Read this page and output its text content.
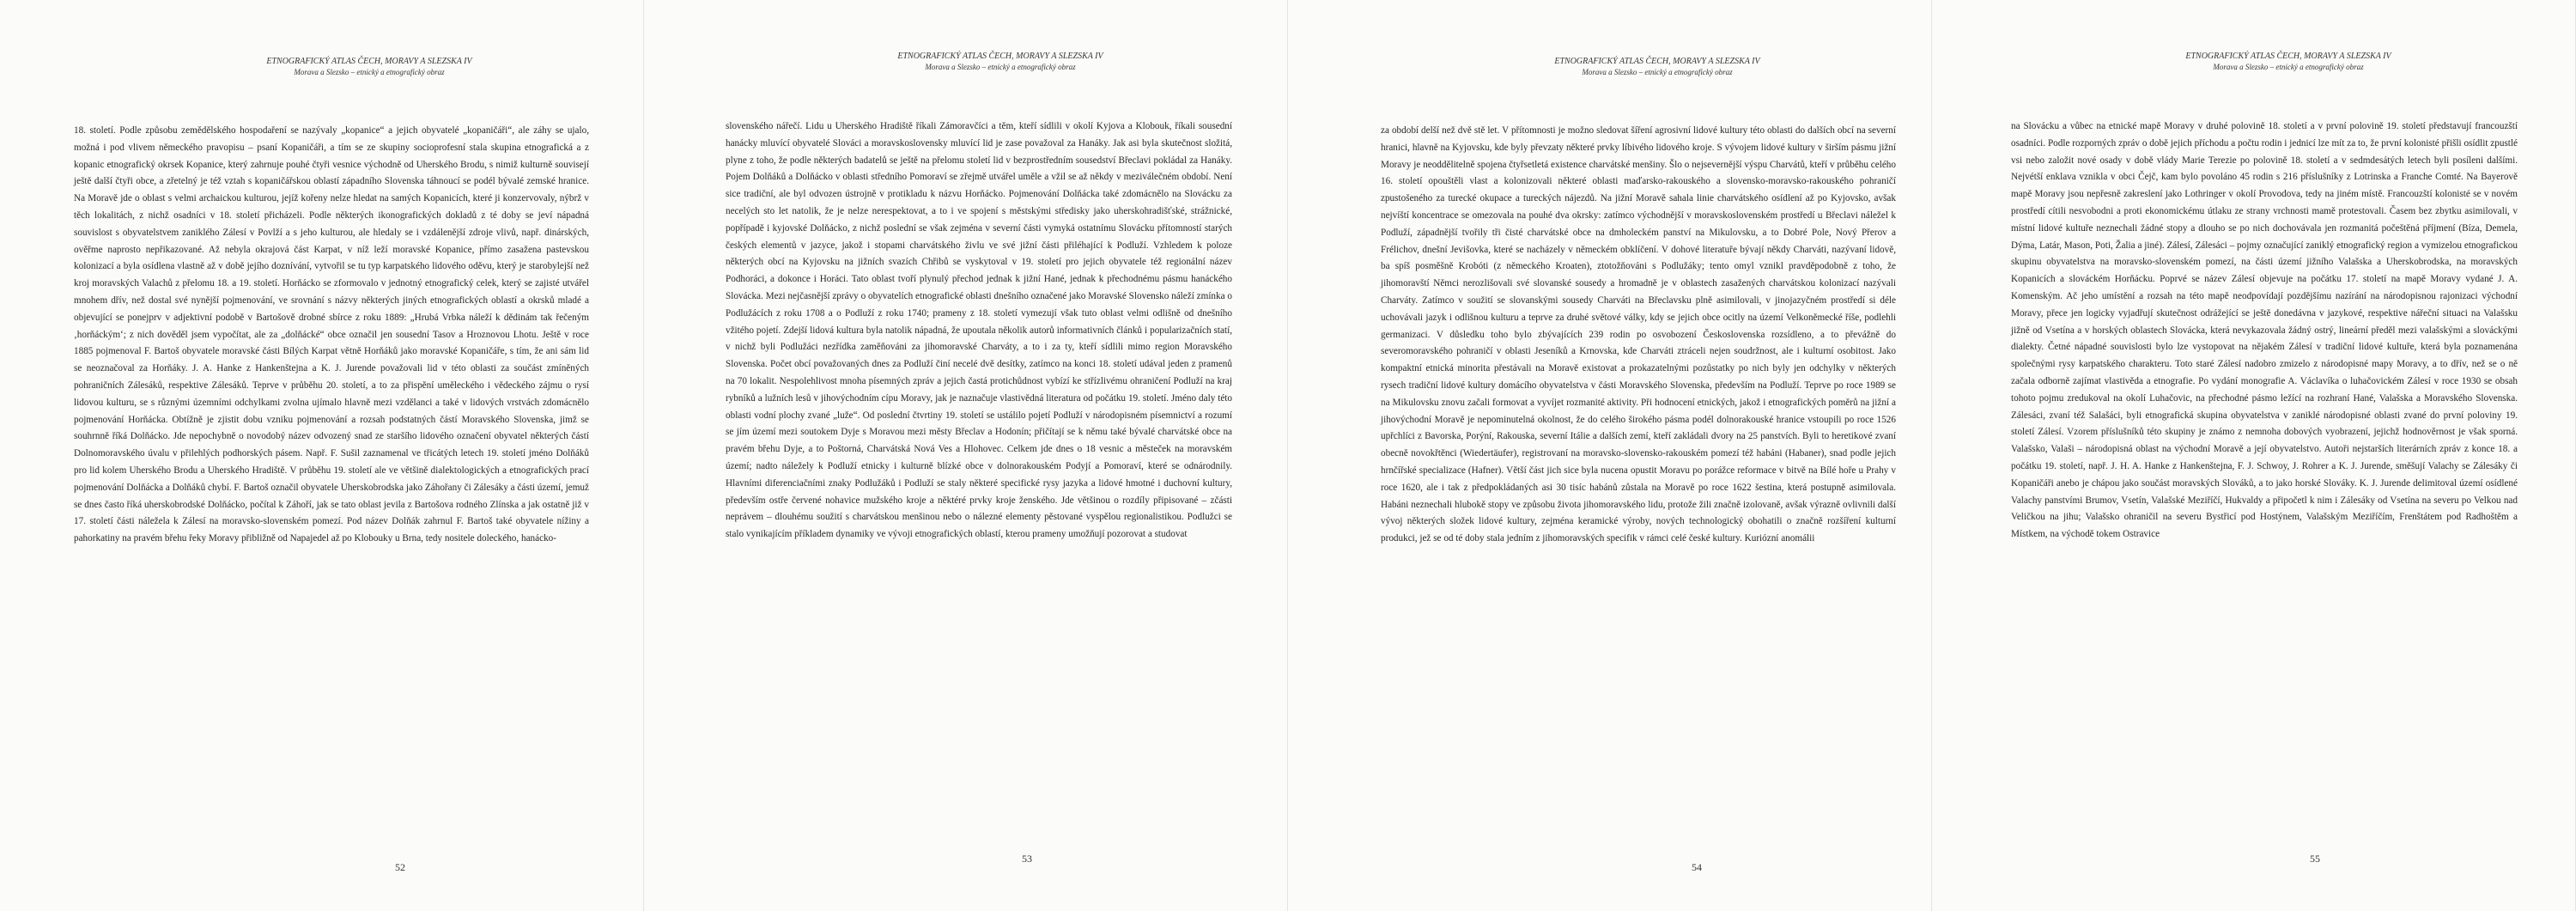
ETNOGRAFICKÝ ATLAS ČECH, MORAVY A SLEZSKA IV
Morava a Slezsko – etnický a etnografický obraz

18. století. Podle způsobu zemědělského hospodaření se nazývaly „kopanice“ a jejich obyvatelé „kopaničáři“, ale záhy se ujalo, možná i pod vlivem německého pravopisu – psaní Kopaničáři, a tím se ze skupiny socioprofesní stala skupina etnografická a z kopanic etnografický okrsek Kopanice, který zahrnuje pouhé čtyři vesnice východně od Uherského Brodu, s nimiž kulturně souvisejí ještě další čtyři obce, a zřetelný je též vztah s kopaničářskou oblastí západního Slovenska táhnoucí se podél bývalé zemské hranice. Na Moravě jde o oblast s velmi archaickou kulturou, jejíž kořeny nelze hledat na samých Kopanicích, které ji konzervovaly, nýbrž v těch lokalitách, z nichž osadníci v 18. století přicházeli. Podle některých ikonografických dokladů z té doby se jeví nápadná souvislost s obyvatelstvem zaniklého Zálesí v Povlží a s jeho kulturou, ale hledaly se i vzdálenější zdroje vlivů, např. dinárských, ověřme naprosto nepřikazované. Až nebyla okrajová část Karpat, v níž leží moravské Kopanice, přímo zasažena pastevskou kolonizací a byla osídlena vlastně až v době jejího doznívání, vytvořil se tu typ karpatského lidového oděvu, který je starobylejší než kroj moravských Valachů z přelomu 18. a 19. století. Horňácko se zformovalo v jednotný etnografický celek, který se zajisté utvářel mnohem dřív, než dostal své nynější pojmenování, ve srovnání s názvy některých jiných etnografických oblastí a okrsků mladé a objevující se ponejprv v adjektivní podobě v Bartošově drobné sbírce z roku 1889: „Hrubá Vrbka náleží k dědinám tak řečeným ‚horňáckým‘; z nich dověděl jsem vypočítat, ale za „dolňácké“ obce označil jen sousední Tasov a Hroznovou Lhotu. Ještě v roce 1885 pojmenoval F. Bartoš obyvatele moravské části Bílých Karpat větně Horňáků jako moravské Kopaničáře, s tím, že ani sám lid se neoznačoval za Horňáky. J. A. Hanke z Hankenštejna a K. J. Jurende považovali lid v této oblasti za součást zmíněných pohraničních Zálesáků, respektive Zálesáků. Teprve v průběhu 20. století, a to za přispění uměleckého i vědeckého zájmu o rysí lidovou kulturu, se s různými územními odchylkami zvolna ujímalo hlavně mezi vzdělanci a také v lidových vrstvách zdomácnělo pojmenování Horňácka. Obtížně je zjistit dobu vzniku pojmenování a rozsah podstatných částí Moravského Slovenska, jimž se souhrnně říká Dolňácko. Jde nepochybně o novodobý název odvozený snad ze staršího lidového označení obyvatel některých částí Dolnomoravského úvalu v přilehlých podhorských pásem. Např. F. Sušil zaznamenal ve třicátých letech 19. století jméno Dolňáků pro lid kolem Uherského Brodu a Uherského Hradiště. V průběhu 19. století ale ve většině dialektologických a etnografických prací pojmenování Dolňácka a Dolňáků chybí. F. Bartoš označil obyvatele Uherskobrodska jako Záhořany či Zálesáky a části území, jemuž se dnes často říká uherskobrodské Dolňácko, počítal k Záhoří, jak se tato oblast jevila z Bartošova rodného Zlínska a jak ostatně již v 17. století části náležela k Zálesí na moravsko-slovenském pomezí. Pod název Dolňák zahrnul F. Bartoš také obyvatele nížiny a pahorkatiny na pravém břehu řeky Moravy přibližně od Napajedel až po Klobouky u Brna, tedy nositele doleckého, hanácko-

52
ETNOGRAFICKÝ ATLAS ČECH, MORAVY A SLEZSKA IV
Morava a Slezsko – etnický a etnografický obraz

slovenského nářečí. Lidu u Uherského Hradiště říkali Zámoravčíci a těm, kteří sídlili v okolí Kyjova a Klobouk, říkali sousední hanácky mluvící obyvatelé Slováci a moravskoslovensky mluvící lid je zase považoval za Hanáky. Jak asi byla skutečnost složitá, plyne z toho, že podle některých badatelů se ještě na přelomu století lid v bezprostředním sousedství Břeclavi pokládal za Hanáky. Pojem Dolňáků a Dolňácko v oblasti středního Pomoraví se zřejmě utvářel uměle a vžil se až někdy v meziválečném období. Není sice tradiční, ale byl odvozen ústrojně v protikladu k názvu Horňácko. Pojmenování Dolňácka také zdomácnělo na Slovácku za necelých sto let natolik, že je nelze nerespektovat, a to i ve spojení s městskými středisky jako uherskohradišťské, strážnické, popřípadě i kyjovské Dolňácko, z nichž poslední se však zejména v severní části vymyká ostatnímu Slovácku přítomností starých českých elementů v jazyce, jakož i stopami charvátského živlu ve své jižní části přiléhající k Podluží. Vzhledem k poloze některých obcí na Kyjovsku na jižních svazích Chřibů se vyskytoval v 19. století pro jejich obyvatele též regionální název Podhoráci, a dokonce i Horáci. Tato oblast tvoří plynulý přechod jednak k jižní Hané, jednak k přechodnému pásmu hanáckého Slovácka. Mezi nejčasnější zprávy o obyvatelích etnografické oblasti dnešního označené jako Moravské Slovensko náleží zmínka o Podlužácích z roku 1708 a o Podluží z roku 1740; prameny z 18. století vymezují však tuto oblast velmi odlišně od dnešního vžitého pojetí. Zdejší lidová kultura byla natolik nápadná, že upoutala několik autorů informativních článků i popularizačních statí, v nichž byli Podlužáci nezřídka zaměňováni za jihomoravské Charváty, a to i za ty, kteří sídlili mimo region Moravského Slovenska. Počet obcí považovaných dnes za Podluží činí necelé dvě desítky, zatímco na konci 18. století udával jeden z pramenů na 70 lokalit. Nespolehlivost mnoha písemných zpráv a jejich častá protichůdnost vybízí ke střízlivému ohraničení Podluží na kraj rybníků a lužních lesů v jihovýchodním cípu Moravy, jak je naznačuje vlastivědná literatura od počátku 19. století. Jméno daly této oblasti vodní plochy zvané „luže“. Od poslední čtvrtiny 19. století se ustálilo pojetí Podluží v národopisném písemnictví a rozumí se jím území mezi soutokem Dyje s Moravou mezi městy Břeclav a Hodonín; přičítají se k němu také bývalé charvátské obce na pravém břehu Dyje, a to Poštorná, Charvátská Nová Ves a Hlohovec. Celkem jde dnes o 18 vesnic a městeček na moravském území; nadto náležely k Podluží etnicky i kulturně blízké obce v dolnorakouském Podyjí a Pomoraví, které se odnárodnily. Hlavními diferenciačními znaky Podlužáků i Podluží se staly některé specifické rysy jazyka a lidové hmotné i duchovní kultury, především ostře červené nohavice mužského kroje a něktéré prvky kroje ženského. Jde většinou o rozdíly připisované – zčásti neprávem – dlouhému soužití s charvátskou menšinou nebo o nálezné elementy pěstované vyspělou regionalistikou. Podlužci se stalo vynikajícím příkladem dynamiky ve vývoji etnografických oblastí, kterou prameny umožňují pozorovat a studovat

53
ETNOGRAFICKÝ ATLAS ČECH, MORAVY A SLEZSKA IV
Morava a Slezsko – etnický a etnografický obraz

za období delší než dvě stě let. V přítomnosti je možno sledovat šíření agrosivní lidové kultury této oblasti do dalších obcí na severní hranici, hlavně na Kyjovsku, kde byly převzaty některé prvky líbivého lidového kroje. S vývojem lidové kultury v širším pásmu jižní Moravy je neoddělitelně spojena čtyřsetletá existence charvátské menšiny. Šlo o nejsevernější výspu Charvátů, kteří v průběhu celého 16. století opouštěli vlast a kolonizovali některé oblasti maďarsko-rakouského a slovensko-moravsko-rakouského pohraničí zpustošeného za turecké okupace a tureckých nájezdů. Na jižní Moravě sahala linie charvátského osídlení až po Kyjovsko, avšak nejvíští koncentrace se omezovala na pouhé dva okrsky: zatímco východnější v moravskoslovenském prostředí u Břeclavi náležel k Podluží, západnější tvořily tři čisté charvátské obce na dmholeckém panství na Mikulovsku, a to Dobré Pole, Nový Přerov a Frélichov, dnešní Jevišovka, které se nacházely v německém obklíčení. V dohové literatuře bývají někdy Charváti, nazývaní lidově, ba spíš posměšně Krobóti (z německého Kroaten), ztotožňováni s Podlužáky; tento omyl vznikl pravděpodobně z toho, že jihomoravští Němci nerozlišovali své slovanské sousedy a hromadně je v oblastech zasažených charvátskou kolonizací nazývali Charváty. Zatímco v soužití se slovanskými sousedy Charváti na Břeclavsku plně asimilovali, v jinojazyčném prostředí si déle uchovávali jazyk i odlišnou kulturu a teprve za druhé světové války, kdy se jejich obce ocitly na území Velkoněmecké říše, podlehli germanizaci. V důsledku toho bylo zbývajících 239 rodin po osvobození Československa rozsídleno, a to převážně do severomoravského pohraničí v oblasti Jeseníků a Krnovska, kde Charváti ztráceli nejen soudržnost, ale i kulturní osobitost. Jako kompaktní etnická minorita přestávali na Moravě existovat a prokazatelnými pozůstatky po nich byly jen odchylky v některých rysech tradiční lidové kultury domácího obyvatelstva v části Moravského Slovenska, především na Podluží. Teprve po roce 1989 se na Mikulovsku znovu začali formovat a vyvíjet rozmanité aktivity. Při hodnocení etnických, jakož i etnografických poměrů na jižní a jihovýchodní Moravě je nepominutelná okolnost, že do celého širokého pásma podél dolnorakouské hranice vstoupili po roce 1526 upřchlíci z Bavorska, Porýní, Rakouska, severní Itálie a dalších zemí, kteří zakládali dvory na 25 panstvích. Byli to heretikové zvaní obecně novokřtěnci (Wiedertäufer), registrovaní na moravsko-slovensko-rakouském pomezí též habáni (Habaner), snad podle jejich hrnčířské specializace (Hafner). Větší část jich sice byla nucena opustit Moravu po porážce reformace v bitvě na Bílé hoře u Prahy v roce 1620, ale i tak z předpokládaných asi 30 tisíc habánů zůstala na Moravě po roce 1622 šestina, která postupně asimilovala. Habáni neznechali hlubokě stopy ve způsobu života jihomoravského lidu, protože žili značně izolovaně, avšak výrazně ovlivnili další vývoj některých složek lidové kultury, zejména keramické výroby, nových technologický obohatili o značně rozšíření kulturní produkci, jež se od té doby stala jedním z jihomoravských specifik v rámci celé české kultury. Kuriózní anomálii

54
ETNOGRAFICKÝ ATLAS ČECH, MORAVY A SLEZSKA IV
Morava a Slezsko – etnický a etnografický obraz

na Slovácku a vůbec na etnické mapě Moravy v druhé polovině 18. století a v první polovině 19. století představují francouzští osadníci. Podle rozporných zpráv o době jejich příchodu a počtu rodin i jednicí lze mít za to, že první kolonisté přišli osídlit zpustlé vsi nebo založit nové osady v době vlády Marie Terezie po polovině 18. století a v sedmdesátých letech byli posíleni dalšími. Nejvétší enklava vznikla v obci Čejč, kam bylo povoláno 45 rodin s 216 příslušníky z Lotrinska a Franche Comté. Na Bayerově mapě Moravy jsou nepřesně zakreslení jako Lothringer v okolí Provodova, tedy na jiném místě. Francouzští kolonisté se v novém prostředí cítili nesvobodni a proti ekonomickému útlaku ze strany vrchnosti mamě protestovali. Časem bez zbytku asimilovali, v místní lidové kultuře neznechali žádné stopy a dlouho se po nich dochovávala jen rozmanitá počeštěná příjmení (Bíza, Demela, Dýma, Latár, Mason, Poti, Žalia a jiné). Zálesí, Zálesáci – pojmy označující zaniklý etnografický region a vymizelou etnografickou skupinu obyvatelstva na moravsko-slovenském pomezí, na části území jižního Valašska a Uherskobrodska, na moravských Kopanicích a slováckém Horňácku. Poprvé se název Zálesí objevuje na počátku 17. století na mapě Moravy vydané J. A. Komenským. Ač jeho umístění a rozsah na této mapě neodpovídají pozdějšímu nazírání na národopisnou rajonizaci východní Moravy, přece jen logicky vyjadřují skutečnost odrážející se ještě donedávna v jazykové, respektive nářeční situaci na Valašsku jižně od Vsetína a v horských oblastech Slovácka, která nevykazovala žádný ostrý, lineární předěl mezi valašskými a slováckými dialekty. Četné nápadné souvislosti bylo lze vystopovat na nějakém Zálesí v tradiční lidové kultuře, která byla poznamenána společnými rysy karpatského charakteru. Toto staré Zálesí nadobro zmizelo z národopisné mapy Moravy, a to dřív, než se o ně začala odborně zajímat vlastivěda a etnografie. Po vydání monografie A. Václavíka o luhačovickém Zálesí v roce 1930 se obsah tohoto pojmu zredukoval na okolí Luhačovic, na přechodné pásmo ležící na rozhraní Hané, Valašska a Moravského Slovenska. Zálesáci, zvaní též Salašáci, byli etnografická skupina obyvatelstva v zaniklé národopisné oblasti zvané do první poloviny 19. století Zálesí. Vzorem příslušníků této skupiny je známo z nemnoha dobových vyobrazení, jejichž hodnověrnost je však sporná. Valašsko, Valaši – národopisná oblast na východní Moravě a její obyvatelstvo. Autoři nejstarších literárních zpráv z konce 18. a počátku 19. století, např. J. H. A. Hanke z Hankenštejna, F. J. Schwoy, J. Rohrer a K. J. Jurende, směšují Valachy se Zálesáky či Kopaničáři anebo je chápou jako součást moravských Slováků, a to jako horské Slováky. K. J. Jurende delimitoval území osídlené Valachy panstvími Brumov, Vsetín, Valašské Meziříčí, Hukvaldy a připočetl k nim i Zálesáky od Vsetína na severu po Velkou nad Veličkou na jihu; Valašsko ohraničil na severu Bystřicí pod Hostýnem, Valašským Meziříčím, Frenštátem pod Radhoštěm a Místkem, na východě tokem Ostravice

55
